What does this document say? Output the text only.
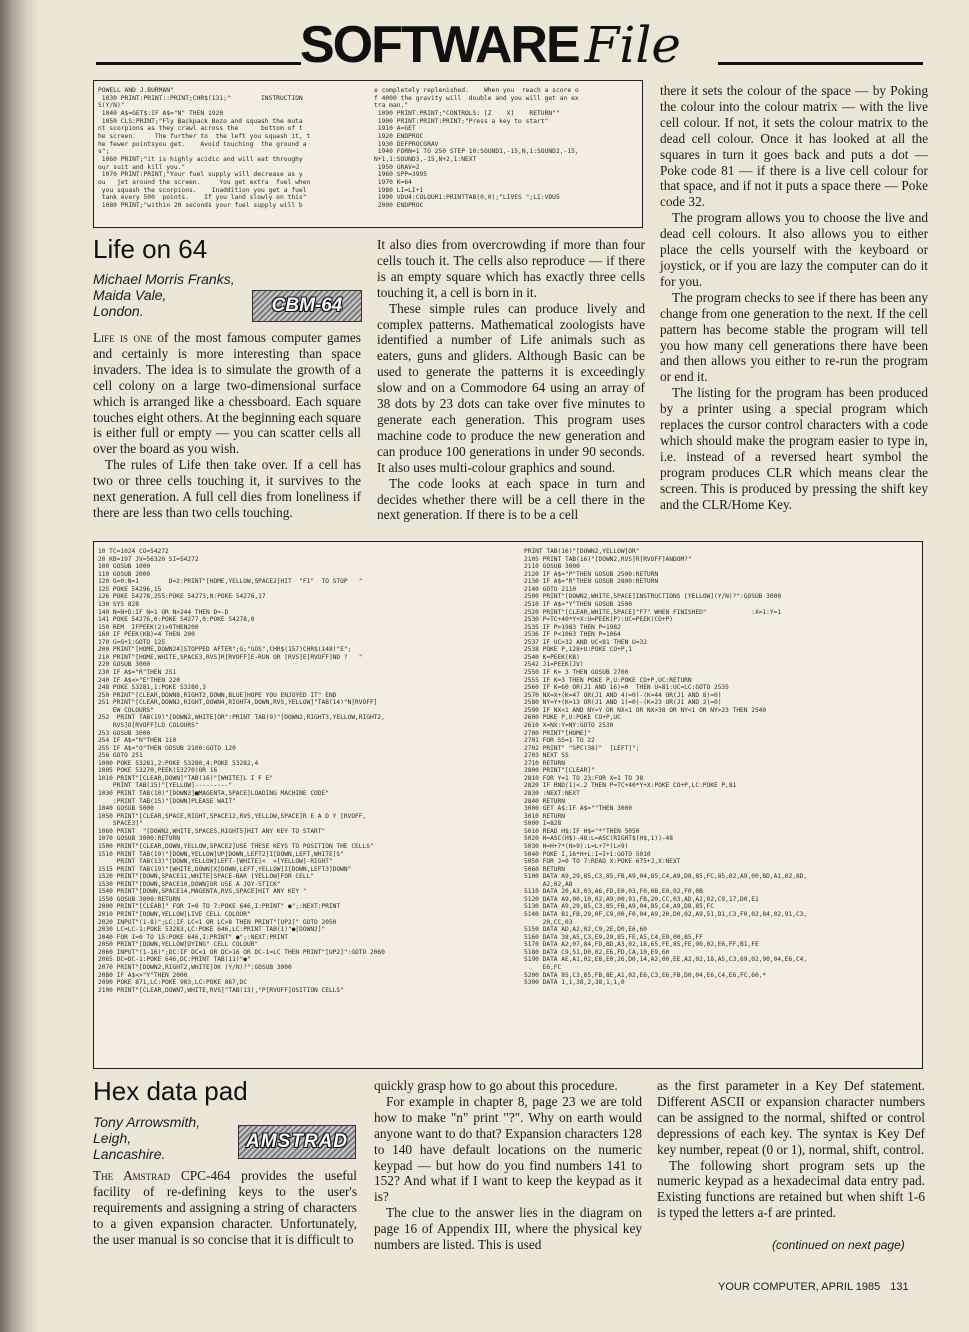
SOFTWARE File
POWELL AND J.BURMAN"
1030 PRINT:PRINT::PRINT;CHR$(131;"        INSTRUCTION
S(Y/N)"
1040 A$=GET$:IF A$="N" THEN 1920
1050 CLS:PRINT;"Fly Backpack Bozo and squash the muta
nt scorpions as they crawl across the      bottom of t
he screen.     The further to  the left you squash it, t
he fewer pointsyou get.    Avoid touching  the ground a
s";
1060 PRINT;"it is highly acidic and will eat throughy
our suit and kill you."
1070 PRINT:PRINT;"Your fuel supply will decrease as y
ou   jet around the screen.     You get extra  fuel when
you squash the scorpions.    Inaddition you get a fuel
tank every 500  points.    If you land slowly on this"
1080 PRINT;"within 20 seconds your fuel supply will b
e completely replenished.    When you  reach a score o
f 4000 the gravity will  double and you will get an ex
tra man."
1090 PRINT:PRINT;"CONTROLS: [Z    X]    RETURN""
1900 PRINT:PRINT:PRINT;"Press a key to start"
1910 A=GET
1920 ENDPROC
1930 DEFPROCGRAV
1940 FORN=1 TO 250 STEP 10:SOUND1,-15,N,1:SOUND2,-15,
N+1,1:SOUND3,-15,N+2,1:NEXT
1950 GRAV=2
1960 SPP=3995
1970 K=64
1980 LI=LI+1
1990 VDU4:COLOUR1:PRINTTAB(0,0);"LIVES ";LI:VDU5
2000 ENDPROC
Life on 64
Michael Morris Franks,
Maida Vale,
London.	CBM-64

Life is one of the most famous computer games and certainly is more interesting than space invaders. The idea is to simulate the growth of a cell colony on a large two-dimensional surface which is arranged like a chessboard. Each square touches eight others. At the beginning each square is either full or empty — you can scatter cells all over the board as you wish.

The rules of Life then take over. If a cell has two or three cells touching it, it survives to the next generation. A full cell dies from loneliness if there are less than two cells touching.

It also dies from overcrowding if more than four cells touch it. The cells also reproduce — if there is an empty square which has exactly three cells touching it, a cell is born in it.

These simple rules can produce lively and complex patterns. Mathematical zoologists have identified a number of Life animals such as eaters, guns and gliders. Although Basic can be used to generate the patterns it is exceedingly slow and on a Commodore 64 using an array of 38 dots by 23 dots can take over five minutes to generate each generation. This program uses machine code to produce the new generation and can produce 100 generations in under 90 seconds. It also uses multi-colour graphics and sound.

The code looks at each space in turn and decides whether there will be a cell there in the next generation. If there is to be a cell

there it sets the colour of the space — by Poking the colour into the colour matrix — with the live cell colour. If not, it sets the colour matrix to the dead cell colour. Once it has looked at all the squares in turn it goes back and puts a dot — Poke code 81 — if there is a live cell colour for that space, and if not it puts a space there — Poke code 32.

The program allows you to choose the live and dead cell colours. It also allows you to either place the cells yourself with the keyboard or joystick, or if you are lazy the computer can do it for you.

The program checks to see if there has been any change from one generation to the next. If the cell pattern has become stable the program will tell you how many cell generations there have been and then allows you either to re-run the program or end it.

The listing for the program has been produced by a printer using a special program which replaces the cursor control characters with a code which should make the program easier to type in, i.e. instead of a reversed heart symbol the program produces CLR which means clear the screen. This is produced by pressing the shift key and the CLR/Home Key.

10 TC=1024 CO=54272
20 KB=197 JV=56320 SI=54272
100 GOSUB 1000
110 GOSUB 2000
120 G=0:N=1        D=2:PRINT"[HOME,YELLOW,SPACE2]HIT  "F1"  TO STOP   "
125 POKE 54296,15
126 POKE 54278,255:POKE 54273,N:POKE 54276,17
130 SYS 828
140 N=N+D:IF N=1 OR N>244 THEN D=-D
141 POKE 54276,0:POKE 54277,0:POKE 54278,0
150 REM  IFPEEK(2)>0THEN200
160 IF PEEK(KB)=4 THEN 200
170 G=G+1:GOTO 125
200 PRINT"[HOME,DOWN24]STOPPED AFTER";G;"GOS",CHR$(157)CHR$(148)"E";
210 PRINT"[HOME,WHITE,SPACE3,RVS]R[RVOFF]E-RUN OR [RVS]E[RVOFF]ND ?   "
220 GOSUB 3000
230 IF A$="R"THEN 251
240 IF A$<>"E"THEN 220
248 POKE 53281,1:POKE 53280,3
250 PRINT"[CLEAR,DOWN8,RIGHT2,DOWN,BLUE]HOPE YOU ENJOYED IT" END
251 PRINT"[CLEAR,DOWN2,RIGHT,DOWN4,RIGHT4,DOWN,RVS,YELLOW]"TAB(14)"N[RVOFF]
EW COLOURS"
252  PRINT TAB(19)"[DOWN2,WHITE]OR":PRINT TAB(9)"[DOWN2,RIGHT3,YELLOW,RIGHT2,
RVS]O[RVOFF]LD COLOURS"
253 GOSUB 3000
254 IF A$="N"THEN 110
255 IF A$="O"THEN GOSUB 2100:GOTO 120
256 GOTO 251
1000 POKE 53281,2:POKE 53280,4:POKE 53282,4
1005 POKE 53270,PEEK(53270)OR 16
1010 PRINT"[CLEAR,DOWN]"TAB(16)"[WHITE]L I F E"
PRINT TAB(15)"[YELLOW]---------"
1030 PRINT TAB(10)"[DOWN3]■MAGENTA,SPACE]LOADING MACHINE CODE"
:PRINT TAB(15)"[DOWN]PLEASE WAIT"
1040 GOSUB 5000
1050 PRINT"[CLEAR,SPACE,RIGHT,SPACE12,RVS,YELLOW,SPACE]R E A D Y [RVOFF,
SPACE3]"
1060 PRINT  "[DOWN2,WHITE,SPACE5,RIGHT5]HIT ANY KEY TO START"
1070 GOSUB 3000:RETURN
1500 PRINT"[CLEAR,DOWN,YELLOW,SPACE2]USE THESE KEYS TO POSITION THE CELLS"
1510 PRINT TAB(19)"[DOWN,YELLOW]UP[DOWN,LEFT2]I[DOWN,LEFT,WHITE]S"
PRINT TAB(13)"[DOWN,YELLOW]LEFT-[WHITE]<  >[YELLOW]-RIGHT"
1515 PRINT TAB(19)"[WHITE,DOWN]X[DOWN,LEFT,YELLOW]I[DOWN,LEFT3]DOWN"
1520 PRINT"[DOWN,SPACE11,WHITE]SPACE-BAR [YELLOW]FOR CELL"
1530 PRINT"[DOWN,SPACE10,DOWN]OR USE A JOY-STICK"
1540 PRINT"[DOWN,SPACE14,MAGENTA,RVS,SPACE]HIT ANY KEY "
1550 GOSUB 3000:RETURN
2000 PRINT"[CLEAR]" FOR I=0 TO 7:POKE 646,I:PRINT" ●";:NEXT:PRINT
2010 PRINT"[DOWN,YELLOW]LIVE CELL COLOUR"
2020 INPUT"(1-8)";LC:IF LC<1 OR LC>8 THEN PRINT"[UP2]" GOTO 2050
2030 LC=LC-1:POKE 53283,LC:POKE 646,LC:PRINT TAB(1)"●[DOWN2]"
2040 FOR I=0 TO 15:POKE 646,I:PRINT" ●";:NEXT:PRINT
2050 PRINT"[DOWN,YELLOW]DYING" CELL COLOUR"
2060 INPUT"(1-16)";DC:IF DC<1 OR DC>16 OR DC-1=LC THEN PRINT"[UP2]":GOTO 2060
2065 DC=DC-1:POKE 646,DC:PRINT TAB(11)"●"
2070 PRINT"[DOWN2,RIGHT2,WHITE]OK (Y/N)?":GOSUB 3000
2080 IF A$<>"Y"THEN 2000
2090 POKE 871,LC:POKE 903,LC:POKE 867,DC
2100 PRINT"[CLEAR,DOWN7,WHITE,RVS]"TAB(13),"P[RVOFF]OSITION CELLS"
PRINT TAB(16)"[DOWN2,YELLOW]OR"
2105 PRINT TAB(16)"[DOWN2,RVS]R[RVOFF]ANDOM?"
2110 GOSUB 3000
2120 IF A$="P"THEN GOSUB 2500:RETURN
2130 IF A$="R"THEN GOSUB 2800:RETURN
2140 GOTO 2110
2500 PRINT"[DOWN2,WHITE,SPACE]INSTRUCTIONS [YELLOW](Y/N)?":GOSUB 3000
2510 IF A$="Y"THEN GOSUB 1500
2520 PRINT"[CLEAR,WHITE,SPACE]"F7" WHEN FINISHED"            :X=1:Y=1
2530 P=TC+40*Y+X:U=PEEK(P):UC=PEEK(CO+P)
2535 IF P>1983 THEN P=1982
2536 IF P<1063 THEN P=1064
2537 IF UC>32 AND UC<81 THEN U=32
2538 POKE P,128+U:POKE CO+P,1
2540 K=PEEK(KB)
2542 J1=PEEK(JV)
2550 IF K= 3 THEN GOSUB 2700
2555 IF K=3 THEN POKE P,U:POKE CO+P,UC:RETURN
2560 IF K=60 OR(J1 AND 16)=0  THEN U=81:UC=LC:GOTO 2535
2570 NX=X+(K=47 OR(J1 AND 4)=0)-(K=44 OR(J1 AND 8)=0)
2580 NY=Y+(K=13 OR(J1 AND 1)=0)-(K=23 OR(J1 AND 2)=0)
2590 IF NX<1 AND NY=Y OR NX<1 OR NX>38 OR NY<1 OR NY>23 THEN 2540
2600 POKE P,U:POKE CO+P,UC
2610 X=NX:Y=NY:GOTO 2530
2700 PRINT"[HOME]"
2701 FOR SS=1 TO 22
2702 PRINT" "SPC(38)"  [LEFT]";
2703 NEXT SS
2710 RETURN
2800 PRINT"[CLEAR]"
2810 FOR Y=1 TO 23:FOR X=1 TO 38
2820 IF RND(1)<.2 THEN P=TC+40*Y+X:POKE CO+P,LC:POKE P,81
2830 :NEXT:NEXT
2840 RETURN
3000 GET A$:IF A$=""THEN 3000
3010 RETURN
5000 I=828
5010 READ H$:IF H$="*"THEN 5050
5020 H=ASC(H$)-48:L=ASC(RIGHT$(H$,1))-48
5030 H=H+7*(H>9):L=L+7*(L>9)
5040 POKE I,16*H+L:I=I+1:GOTO 5010
5050 FOR J=0 TO 7:READ X:POKE 675+J,X:NEXT
5060 RETURN
5100 DATA A9,29,85,C3,85,FB,A9,04,85,C4,A9,D8,85,FC,85,02,A9,00,8D,A1,02,8D,
A2,02,A8
5110 DATA 20,A3,03,A6,FD,E0,03,F0,0B,E0,02,F0,0B
5120 DATA A9,00,10,02,A9,00,91,FB,20,CC,03,AD,A2,02,C9,17,D0,E1
5130 DATA A9,29,85,C3,85,FB,A9,04,85,C4,A9,D8,85,FC
5140 DATA B1,FB,29,0F,C9,00,F0,04,A9,20,D0,02,A9,51,D1,C3,F0,02,84,02,91,C3,
20,CC,03
5150 DATA AD,A2,02,C9,2E,D0,E6,60
5160 DATA 38,A5,C3,E9,29,85,FE,A5,C4,E9,00,85,FF
5170 DATA A2,07,84,FD,BD,A3,02,18,65,FE,85,FE,90,02,E6,FF,B1,FE
5180 DATA C9,51,D0,02,E6,FD,CA,10,E9,60
5190 DATA AE,A1,02,E8,E0,26,D0,14,A2,00,EE,A2,02,18,A5,C3,69,02,90,04,E6,C4,
E6,FC
5200 DATA 85,C3,85,FB,8E,A1,02,E6,C3,E6,FB,D0,04,E6,C4,E6,FC,60,*
5300 DATA 1,1,38,2,38,1,1,0
Hex data pad
Tony Arrowsmith,
Leigh,
Lancashire.
AMSTRAD

The Amstrad CPC-464 provides the useful facility of re-defining keys to the user's requirements and assigning a string of characters to a given expansion character. Unfortunately, the user manual is so concise that it is difficult to

quickly grasp how to go about this procedure.

For example in chapter 8, page 23 we are told how to make "n" print "?". Why on earth would anyone want to do that? Expansion characters 128 to 140 have default locations on the numeric keypad — but how do you find numbers 141 to 152? And what if I want to keep the keypad as it is?

The clue to the answer lies in the diagram on page 16 of Appendix III, where the physical key numbers are listed. This is used

as the first parameter in a Key Def statement. Different ASCII or expansion character numbers can be assigned to the normal, shifted or control depressions of each key. The syntax is Key Def key number, repeat (0 or 1), normal, shift, control.

The following short program sets up the numeric keypad as a hexadecimal data entry pad. Existing functions are retained but when shift 1-6 is typed the letters a-f are printed.

(continued on next page)
YOUR COMPUTER, APRIL 1985 131
